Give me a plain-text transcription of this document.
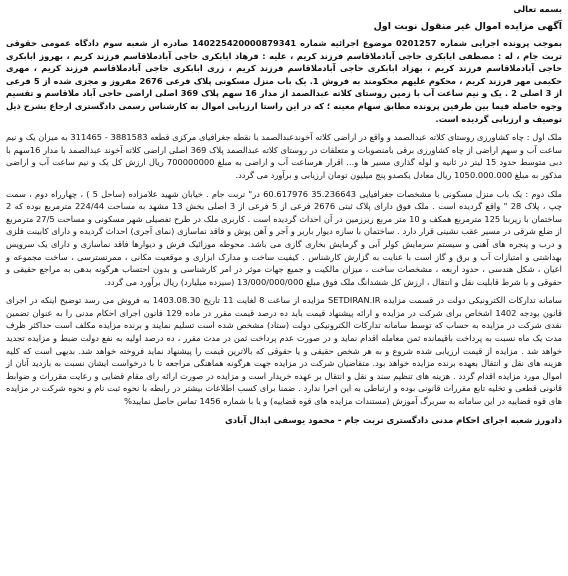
بسمه تعالی

آگهی مزایده اموال غیر منقول نوبت اول

بموجب پرونده اجرایی شماره 0201257 موضوع اجرائیه شماره 140225420000879341 صادره از شعبه سوم دادگاه عمومی حقوقی تربت جام ، له : مصطفی ابابکری حاجی آبادملاقاسم فرزند کریم ، علیه : فرهاد ابابکری حاجی آبادملاقاسم فرزند کریم ، بهروز ابابکری حاجی آبادملاقاسم فرزند کریم ، بهزاد ابابکری حاجی آبادملاقاسم فرزند کریم ، زری ابابکری حاجی آبادملاقاسم فرزند کریم ، مهری حکیمی مهر فرزند کریم ، محکوم علیهم محکومند به فروش 1. یک باب منزل مسکونی پلاک فرعی 2676 مفروز و مجزی شده از 5 فرعی از 3 اصلی 2 . یک و نیم ساعت آب با زمین روستای کلاته عبدالصمد از مدار 16 سهم پلاک 369 اصلی اراضی حاجی آباد ملاقاسم و تقسیم وجوه حاصله فیما بین طرفین پرونده مطابق سهام معینه ؛ که در این راستا ارزیابی اموال به کارشناس رسمی دادگستری ارجاع بشرح ذیل توصیف و ارزیابی گردیده است.

ملک اول : چاه کشاورزی روستای کلاته عبدالصمد و واقع در اراضی کلاته آخوندعبدالصمد با نقطه جغرافیای مرکزی قطعه 3881583 - 311465 به میزان یک و نیم ساعت آب و سهم اراضی از چاه کشاورزی برقی بامنصوبات و متعلقات در روستای کلاته عبدالصمد پلاک 369 اصلی اراضی کلاته آخوند عبدالصمد با مدار 16سهم با دبی متوسط حدود 15 لیتر در ثانیه و لوله گذاری مسیر ها و... اقرار هرساعت آب و اراضی به مبلغ 700000000 ریال ارزش کل یک و نیم ساعت آب و اراضی مذکور به مبلغ 1050.000.000 ریال معادل یکصدو پنج میلیون تومان ارزیابی و برآورد می گردد.

ملک دوم : یک باب منزل مسکونی با مشخصات جغرافیایی 35.236643 60.617976 در" تربت جام . خیابان شهید علامزاده (ساحل 5 ) ، چهارراه دوم ، سمت چپ ، پلاک 28 " واقع گردیده است . ملک فوق دارای پلاک ثبتی 2676 فرعی از 5 فرعی از 3 اصلی بخش 13 مشهد به مساحت 224/44 مترمربع بوده که 2 ساختمان با زیربنا 125 مترمربع همکف و 10 متر مربع زیرزمین در آن احداث گردیده است . کاربری ملک در طرح تفصیلی شهر مسکونی و مساحت 27/5 مترمربع از ضلع شرقی در مسیر عقب نشینی قرار دارد . ساختمان با سازه دیوار باربر و آجر و آهن پوش و فاقد نماسازی (نمای آجری) احداث گردیده و دارای کابینت فلزی و درب و پنجره های آهنی و سیستم سرمایش کولر آبی و گرمایش بخاری گازی می باشد. محوطه موزائیک فرش و دیوارها فاقد نماسازی و دارای یک سرویس بهداشتی و امتیازات آب و برق و گاز است با عنایت به گزارش کارشناس . کیفیت ساخت و مدارک ابزاری و موقعیت مکانی ، ممرنسترسی ، ساخت مجموعه و اعیان ، شکل هندسی ، حدود اربعه ، مشخصات ساخت ، میزان مالکیت و جمیع جهات موثر در امر کارشناسی و بدون احتساب هرگونه بدهی به مراجع حقیقی و حقوقی و با شرط قابلیت نقل و انتقال ، ارزش کل ششدانگ ملک فوق مبلغ 13/000/000/000 (سیزده میلیارد) ریال برآورد می گردد.

سامانه تدارکات الکترونیکی دولت در قسمت مزایده SETDIRAN.IR مزایده از ساعت 8 لغایت 11 تاریخ 1403.08.30 به فروش می رسد توضیح اینکه در اجرای قانون بودجه 1402 اشخاص برای شرکت در مزایده و ارائه پیشنهاد قیمت باید ده درصد قیمت مقرر در ماده 129 قانون اجرای احکام مدنی را به عنوان تضمین نقدی شرکت در مزایده به حساب که توسط سامانه تدارکات الکترونیکی دولت (ستاد) مشخص شده است تسلیم نمایند و برنده مزایده مکلف است حداکثر ظرف مدت یک ماه نسبت به پرداخت باقیمانده ثمن معامله اقدام نماید و در صورت عدم پرداخت ثمن در مدت مقرر ، ده درصد اولیه به نفع دولت ضبط و مزایده تجدید خواهد شد . مزایده از قیمت ارزیابی شده شروع و به هر شخص حقیقی و یا حقوقی که بالاترین قیمت را پیشنهاد نماید فروخته خواهد شد. بدیهی است که کلیه هزینه های نقل و انتقال بعهده برنده مزایده خواهد بود. متقاضیان شرکت در مزایده جهت هرگونه هماهنگی مراجعه تا با درخواست ایشان نسبت به بازدید آنان از اموال مورد مزایده اقدام گردد . هزینه های تنظیم سند و نقل و انتقال بر عهده خریدار است و مزایده در صورت ارائه رای مقام قضایی و رعایت مقررات و ضوابط قانونی قطعی و تخلیه تابع مقررات قانونی بوده و ارتباطی به این اجرا ندارد . ضمنا برای کسب اطلاعات بیشتر در رابطه با نحوه ثبت نام و نحوه شرکت در مزایده های قوه قضاییه در این سامانه به سربرگ آموزش (مستندات مزایده های قوه قضاییه) و یا با شماره 1456 تماس حاصل نمایید%

دادورز شعبه اجرای احکام مدنی دادگستری تربت جام - محمود یوسفی ابدال آبادی
